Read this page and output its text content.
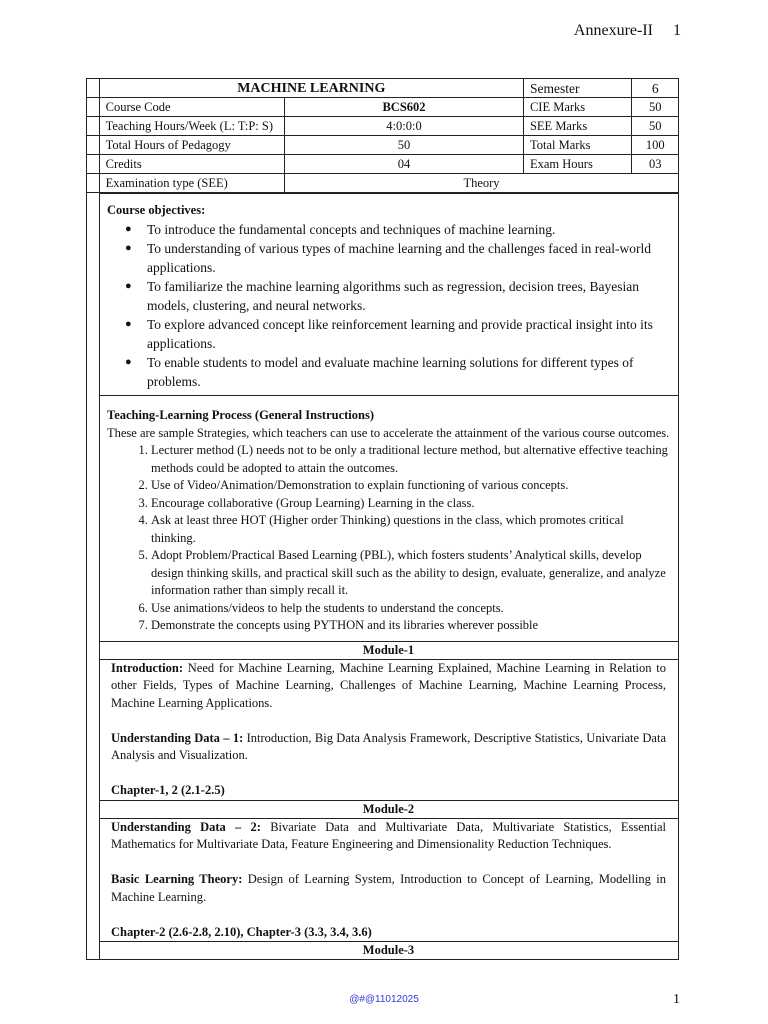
Annexure-II 1
	MACHINE LEARNING		Semester	6
	Course Code	BCS602	CIE Marks	50
	Teaching Hours/Week (L: T:P: S)	4:0:0:0	SEE Marks	50
	Total Hours of Pedagogy	50	Total Marks	100
	Credits	04	Exam Hours	03
	Examination type (SEE)	Theory		
Course objectives:
● To introduce the fundamental concepts and techniques of machine learning.
● To understanding of various types of machine learning and the challenges faced in real-world applications.
● To familiarize the machine learning algorithms such as regression, decision trees, Bayesian models, clustering, and neural networks.
● To explore advanced concept like reinforcement learning and provide practical insight into its applications.
● To enable students to model and evaluate machine learning solutions for different types of problems.
Teaching-Learning Process (General Instructions)
These are sample Strategies, which teachers can use to accelerate the attainment of the various course outcomes.
1. Lecturer method (L) needs not to be only a traditional lecture method, but alternative effective teaching methods could be adopted to attain the outcomes.
2. Use of Video/Animation/Demonstration to explain functioning of various concepts.
3. Encourage collaborative (Group Learning) Learning in the class.
4. Ask at least three HOT (Higher order Thinking) questions in the class, which promotes critical thinking.
5. Adopt Problem/Practical Based Learning (PBL), which fosters students’ Analytical skills, develop design thinking skills, and practical skill such as the ability to design, evaluate, generalize, and analyze information rather than simply recall it.
6. Use animations/videos to help the students to understand the concepts.
7. Demonstrate the concepts using PYTHON and its libraries wherever possible
Module-1

Introduction: Need for Machine Learning, Machine Learning Explained, Machine Learning in Relation to other Fields, Types of Machine Learning, Challenges of Machine Learning, Machine Learning Process, Machine Learning Applications.

Understanding Data – 1: Introduction, Big Data Analysis Framework, Descriptive Statistics, Univariate Data Analysis and Visualization.

Chapter-1, 2 (2.1-2.5)

Module-2

Understanding Data – 2: Bivariate Data and Multivariate Data, Multivariate Statistics, Essential Mathematics for Multivariate Data, Feature Engineering and Dimensionality Reduction Techniques.

Basic Learning Theory: Design of Learning System, Introduction to Concept of Learning, Modelling in Machine Learning.

Chapter-2 (2.6-2.8, 2.10), Chapter-3 (3.3, 3.4, 3.6)

Module-3
@#@11012025	1
